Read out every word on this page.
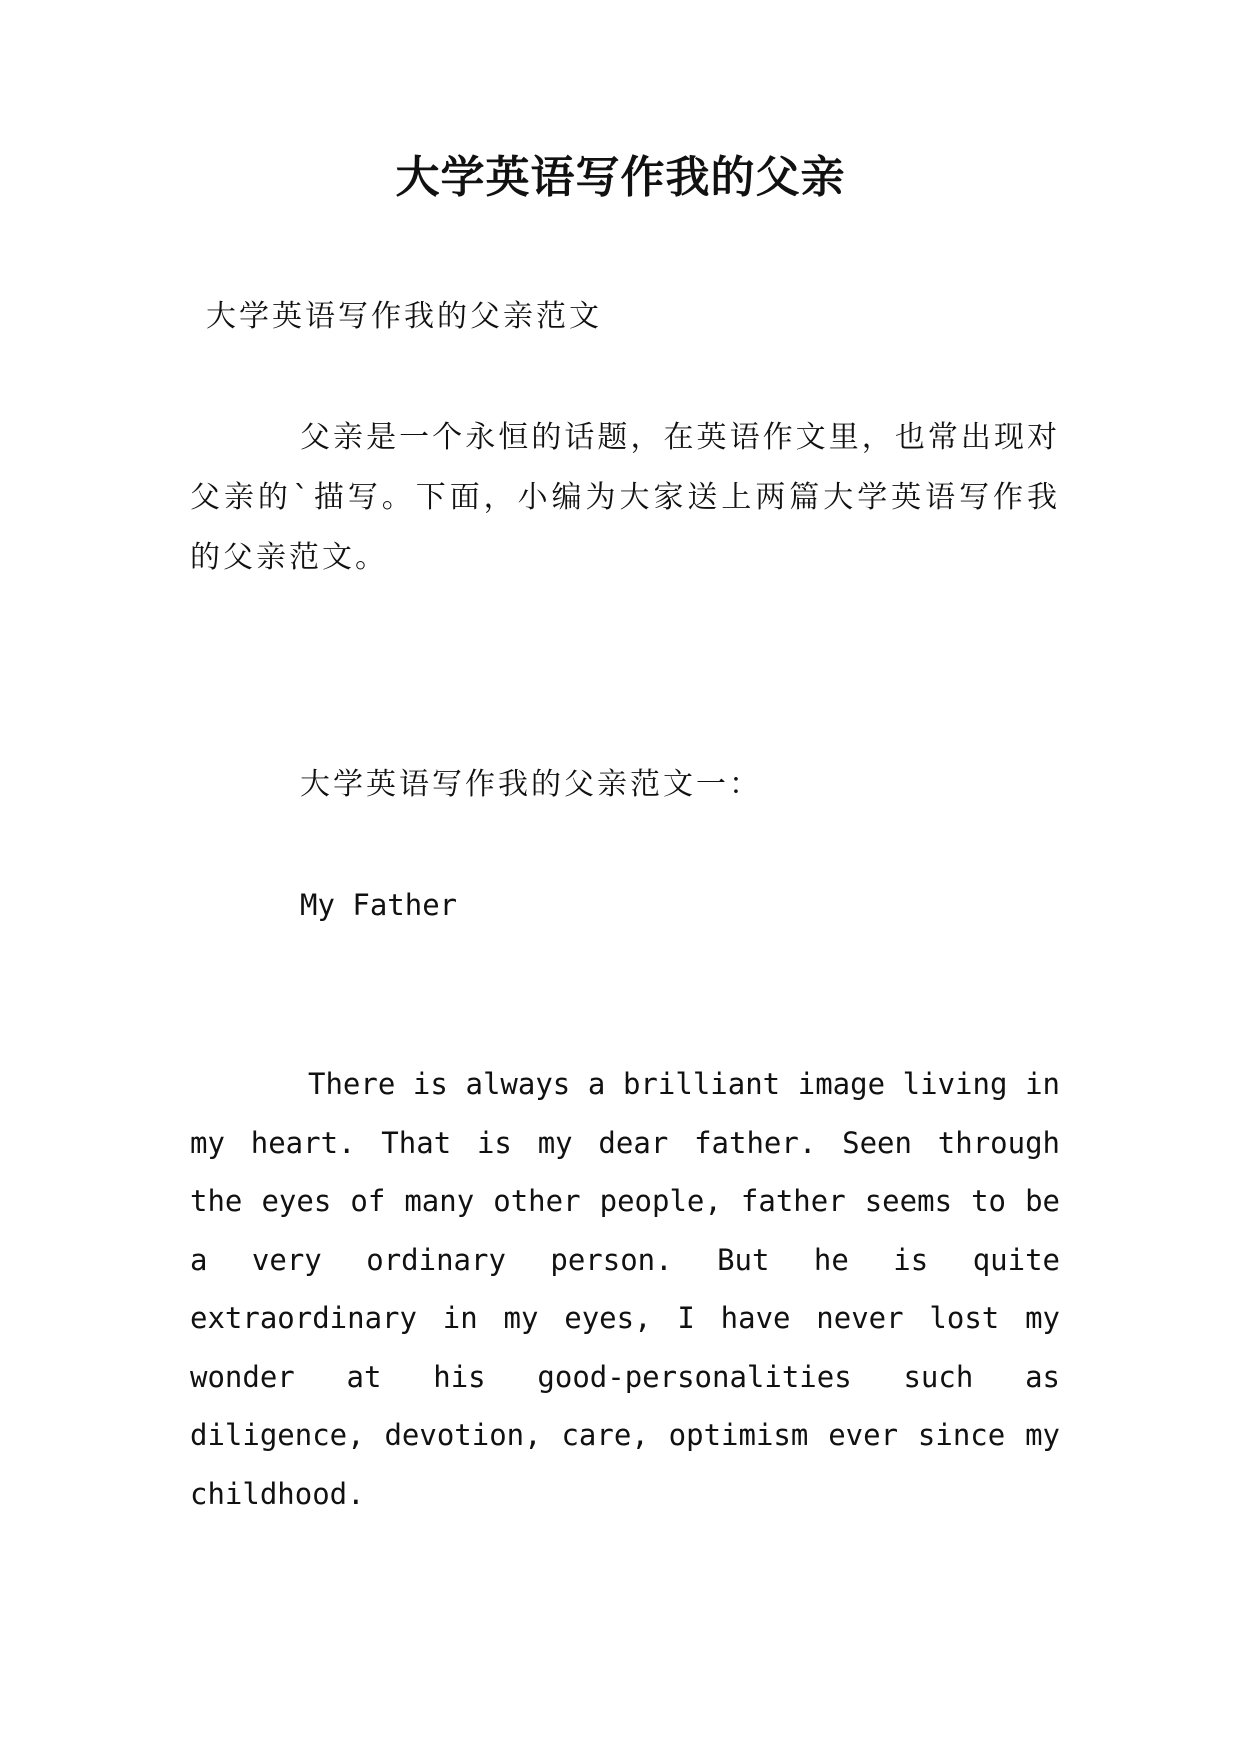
大学英语写作我的父亲

大学英语写作我的父亲范文

父亲是一个永恒的话题，在英语作文里，也常出现对父亲的`描写。下面，小编为大家送上两篇大学英语写作我的父亲范文。

大学英语写作我的父亲范文一：

My Father

There is always a brilliant image living in my heart. That is my dear father. Seen through the eyes of many other people, father seems to be a very ordinary person. But he is quite extraordinary in my eyes, I have never lost my wonder at his good-personalities such as diligence, devotion, care, optimism ever since my childhood.
